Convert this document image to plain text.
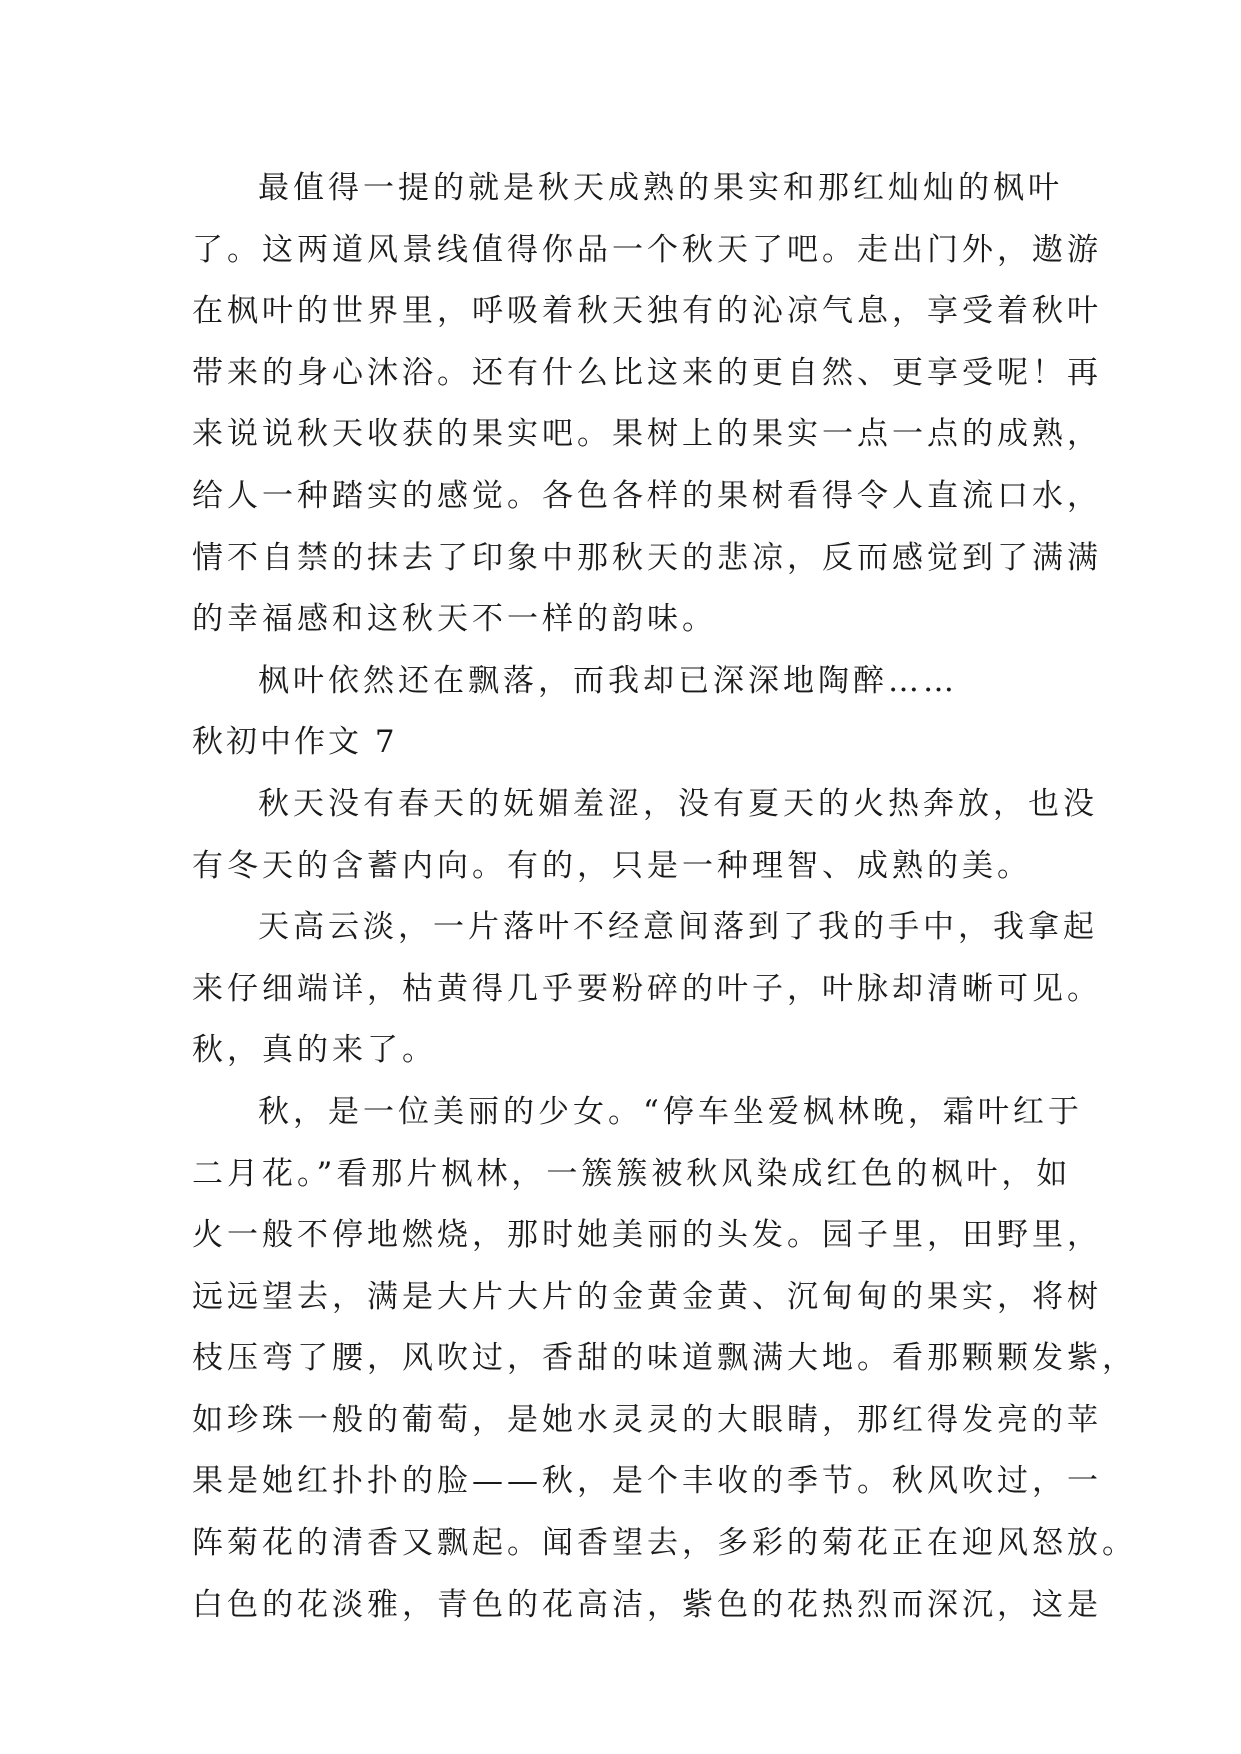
最值得一提的就是秋天成熟的果实和那红灿灿的枫叶
了。这两道风景线值得你品一个秋天了吧。走出门外，遨游
在枫叶的世界里，呼吸着秋天独有的沁凉气息，享受着秋叶
带来的身心沐浴。还有什么比这来的更自然、更享受呢！再
来说说秋天收获的果实吧。果树上的果实一点一点的成熟，
给人一种踏实的感觉。各色各样的果树看得令人直流口水，
情不自禁的抹去了印象中那秋天的悲凉，反而感觉到了满满
的幸福感和这秋天不一样的韵味。
枫叶依然还在飘落，而我却已深深地陶醉……
秋初中作文 7
秋天没有春天的妩媚羞涩，没有夏天的火热奔放，也没
有冬天的含蓄内向。有的，只是一种理智、成熟的美。
天高云淡，一片落叶不经意间落到了我的手中，我拿起
来仔细端详，枯黄得几乎要粉碎的叶子，叶脉却清晰可见。
秋，真的来了。
秋，是一位美丽的少女。“停车坐爱枫林晚，霜叶红于
二月花。”看那片枫林，一簇簇被秋风染成红色的枫叶，如
火一般不停地燃烧，那时她美丽的头发。园子里，田野里，
远远望去，满是大片大片的金黄金黄、沉甸甸的果实，将树
枝压弯了腰，风吹过，香甜的味道飘满大地。看那颗颗发紫，
如珍珠一般的葡萄，是她水灵灵的大眼睛，那红得发亮的苹
果是她红扑扑的脸——秋，是个丰收的季节。秋风吹过，一
阵菊花的清香又飘起。闻香望去，多彩的菊花正在迎风怒放。
白色的花淡雅，青色的花高洁，紫色的花热烈而深沉，这是
